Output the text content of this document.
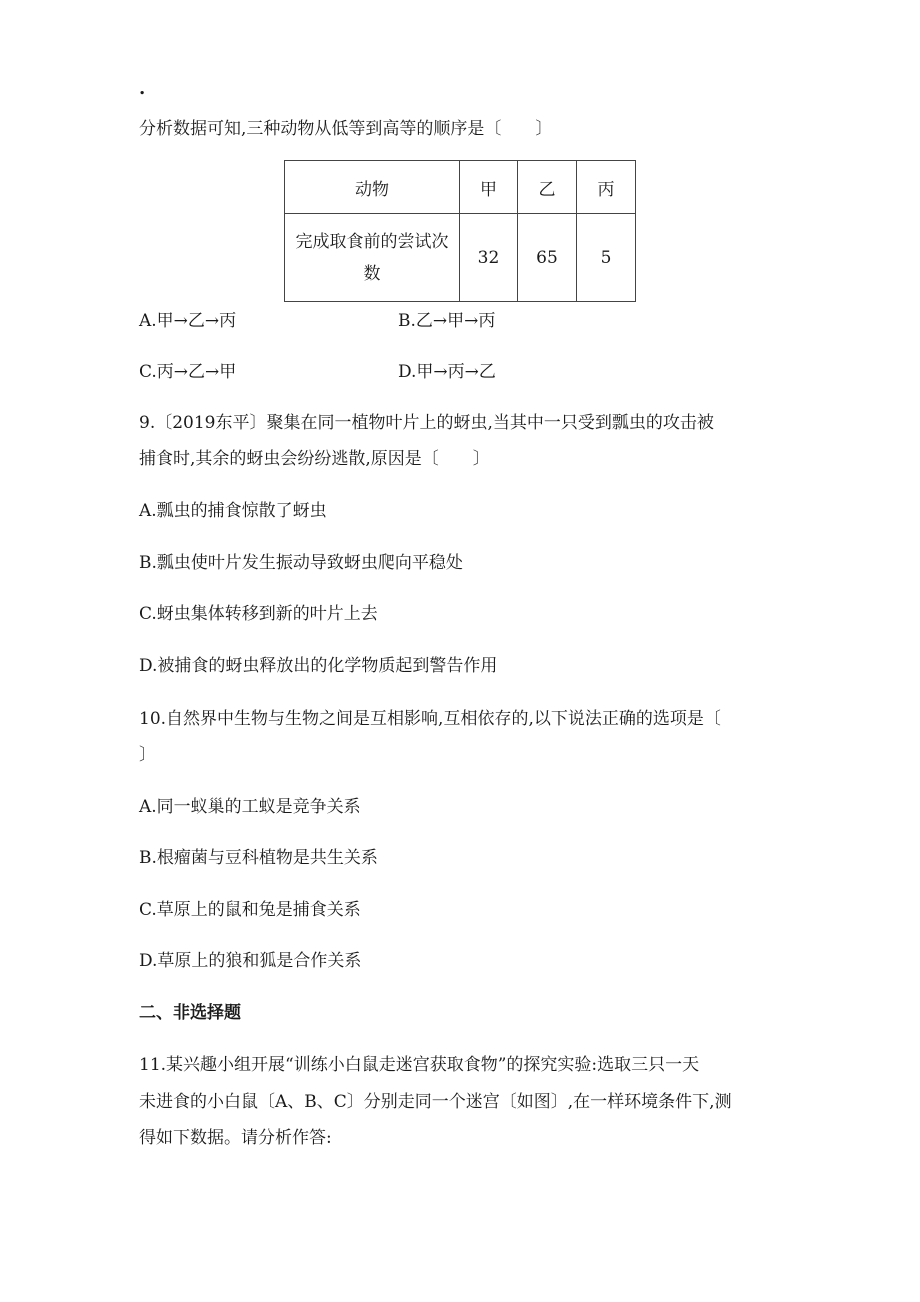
.
分析数据可知,三种动物从低等到高等的顺序是〔　　〕
动物	甲	乙	丙
完成取食前的尝试次数	32	65	5
A.甲→乙→丙	B.乙→甲→丙
C.丙→乙→甲	D.甲→丙→乙
9.〔2019东平〕聚集在同一植物叶片上的蚜虫,当其中一只受到瓢虫的攻击被
捕食时,其余的蚜虫会纷纷逃散,原因是〔　　〕
A.瓢虫的捕食惊散了蚜虫
B.瓢虫使叶片发生振动导致蚜虫爬向平稳处
C.蚜虫集体转移到新的叶片上去
D.被捕食的蚜虫释放出的化学物质起到警告作用
10.自然界中生物与生物之间是互相影响,互相依存的,以下说法正确的选项是〔
〕
A.同一蚁巢的工蚁是竞争关系
B.根瘤菌与豆科植物是共生关系
C.草原上的鼠和兔是捕食关系
D.草原上的狼和狐是合作关系
二、非选择题
11.某兴趣小组开展“训练小白鼠走迷宫获取食物”的探究实验:选取三只一天
未进食的小白鼠〔A、B、C〕分别走同一个迷宫〔如图〕,在一样环境条件下,测
得如下数据。请分析作答:
